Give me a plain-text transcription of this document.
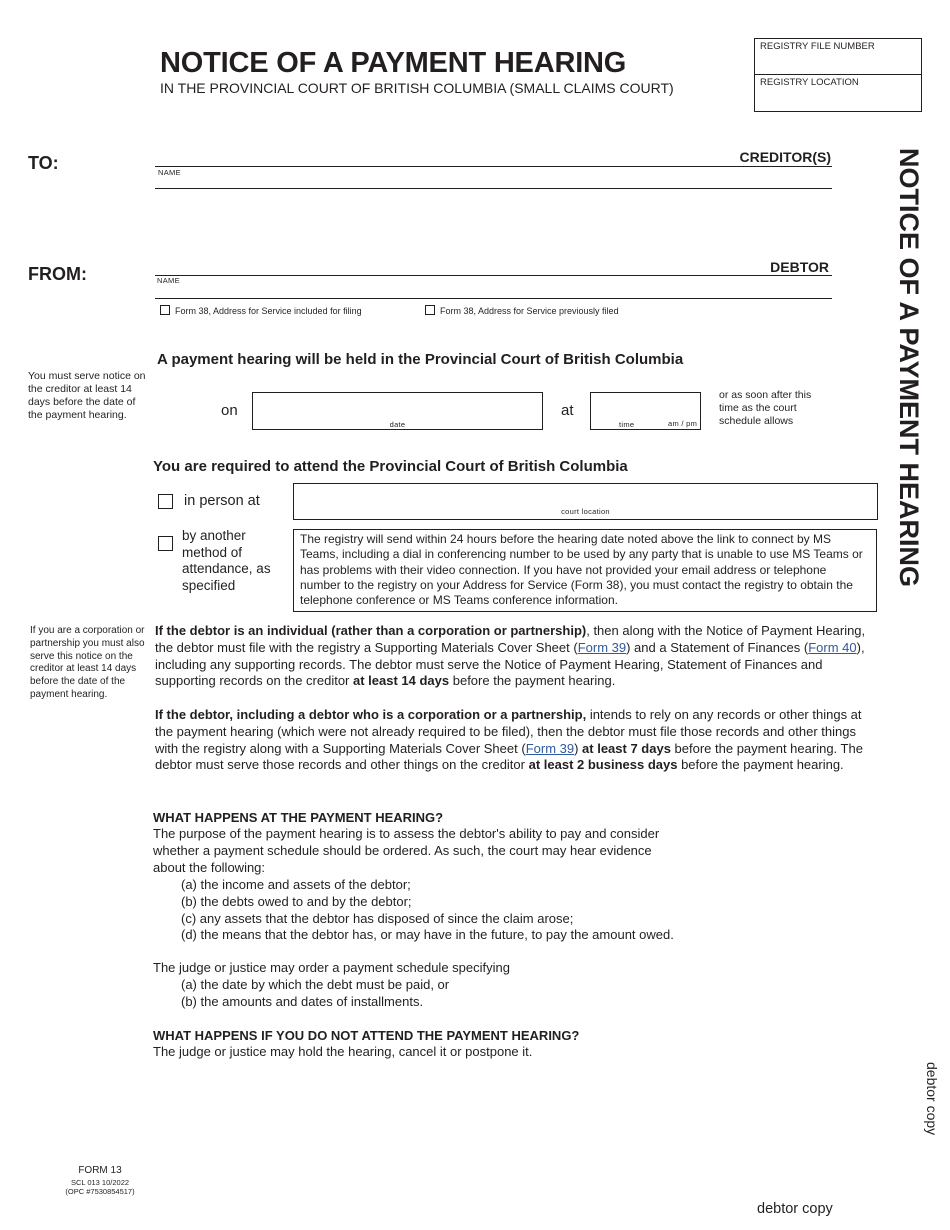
NOTICE OF A PAYMENT HEARING
IN THE PROVINCIAL COURT OF BRITISH COLUMBIA (SMALL CLAIMS COURT)
REGISTRY FILE NUMBER
REGISTRY LOCATION
NOTICE OF A PAYMENT HEARING
TO:	CREDITOR(S)
NAME
FROM:	DEBTOR
NAME
Form 38, Address for Service included for filing	Form 38, Address for Service previously filed
You must serve notice on the creditor at least 14 days before the date of the payment hearing.
A payment hearing will be held in the Provincial Court of British Columbia
on
date
at
time	am / pm
or as soon after this time as the court schedule allows
You are required to attend the Provincial Court of British Columbia
in person at
court location
by another method of attendance, as specified
The registry will send within 24 hours before the hearing date noted above the link to connect by MS Teams, including a dial in conferencing number to be used by any party that is unable to use MS Teams or has problems with their video connection. If you have not provided your email address or telephone number to the registry on your Address for Service (Form 38), you must contact the registry to obtain the telephone conference or MS Teams conference information.
If you are a corporation or partnership you must also serve this notice on the creditor at least 14 days before the date of the payment hearing.
If the debtor is an individual (rather than a corporation or partnership), then along with the Notice of Payment Hearing, the debtor must file with the registry a Supporting Materials Cover Sheet (Form 39) and a Statement of Finances (Form 40), including any supporting records. The debtor must serve the Notice of Payment Hearing, Statement of Finances and supporting records on the creditor at least 14 days before the payment hearing.
If the debtor, including a debtor who is a corporation or a partnership, intends to rely on any records or other things at the payment hearing (which were not already required to be filed), then the debtor must file those records and other things with the registry along with a Supporting Materials Cover Sheet (Form 39) at least 7 days before the payment hearing. The debtor must serve those records and other things on the creditor at least 2 business days before the payment hearing.
WHAT HAPPENS AT THE PAYMENT HEARING?
The purpose of the payment hearing is to assess the debtor's ability to pay and consider
whether a payment schedule should be ordered. As such, the court may hear evidence
about the following:
(a) the income and assets of the debtor;
(b) the debts owed to and by the debtor;
(c) any assets that the debtor has disposed of since the claim arose;
(d) the means that the debtor has, or may have in the future, to pay the amount owed.
The judge or justice may order a payment schedule specifying
(a) the date by which the debt must be paid, or
(b) the amounts and dates of installments.
WHAT HAPPENS IF YOU DO NOT ATTEND THE PAYMENT HEARING?
The judge or justice may hold the hearing, cancel it or postpone it.
FORM 13
SCL 013 10/2022
(OPC #7530854517)
debtor copy
debtor copy
